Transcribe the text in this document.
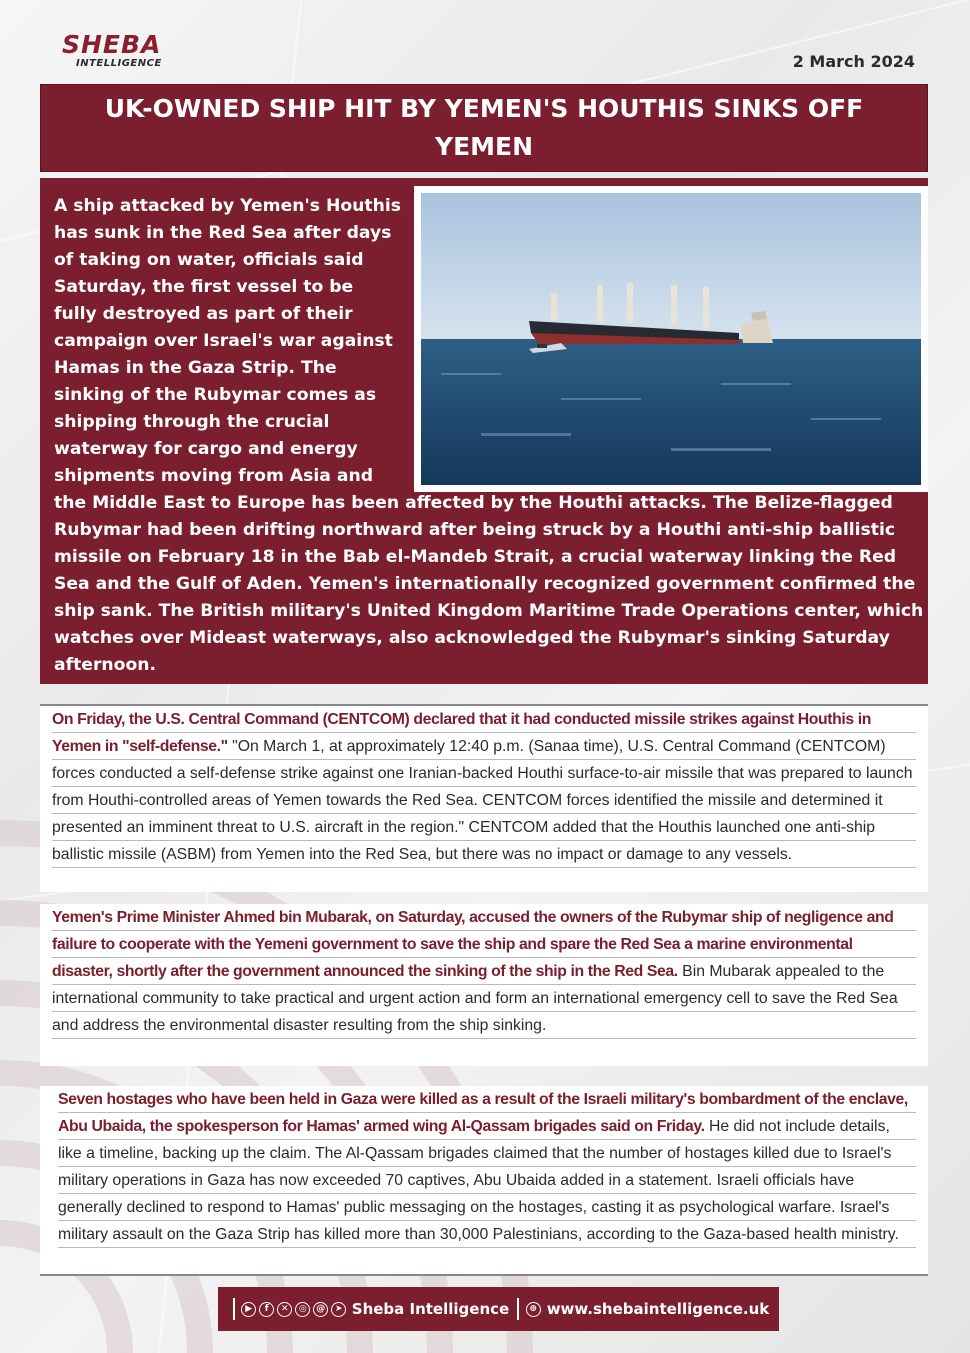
SHEBA
INTELLIGENCE	2 March 2024
UK-OWNED SHIP HIT BY YEMEN'S HOUTHIS SINKS OFF YEMEN
A ship attacked by Yemen's Houthis has sunk in the Red Sea after days of taking on water, officials said Saturday, the first vessel to be fully destroyed as part of their campaign over Israel's war against Hamas in the Gaza Strip. The sinking of the Rubymar comes as shipping through the crucial waterway for cargo and energy shipments moving from Asia and the Middle East to Europe has been affected by the Houthi attacks. The Belize-flagged Rubymar had been drifting northward after being struck by a Houthi anti-ship ballistic missile on February 18 in the Bab el-Mandeb Strait, a crucial waterway linking the Red Sea and the Gulf of Aden. Yemen's internationally recognized government confirmed the ship sank. The British military's United Kingdom Maritime Trade Operations center, which watches over Mideast waterways, also acknowledged the Rubymar's sinking Saturday afternoon.

On Friday, the U.S. Central Command (CENTCOM) declared that it had conducted missile strikes against Houthis in Yemen in "self-defense." "On March 1, at approximately 12:40 p.m. (Sanaa time), U.S. Central Command (CENTCOM) forces conducted a self-defense strike against one Iranian-backed Houthi surface-to-air missile that was prepared to launch from Houthi-controlled areas of Yemen towards the Red Sea. CENTCOM forces identified the missile and determined it presented an imminent threat to U.S. aircraft in the region." CENTCOM added that the Houthis launched one anti-ship ballistic missile (ASBM) from Yemen into the Red Sea, but there was no impact or damage to any vessels.

Yemen's Prime Minister Ahmed bin Mubarak, on Saturday, accused the owners of the Rubymar ship of negligence and failure to cooperate with the Yemeni government to save the ship and spare the Red Sea a marine environmental disaster, shortly after the government announced the sinking of the ship in the Red Sea. Bin Mubarak appealed to the international community to take practical and urgent action and form an international emergency cell to save the Red Sea and address the environmental disaster resulting from the ship sinking.

Seven hostages who have been held in Gaza were killed as a result of the Israeli military's bombardment of the enclave, Abu Ubaida, the spokesperson for Hamas' armed wing Al-Qassam brigades said on Friday. He did not include details, like a timeline, backing up the claim. The Al-Qassam brigades claimed that the number of hostages killed due to Israel's military operations in Gaza has now exceeded 70 captives, Abu Ubaida added in a statement. Israeli officials have generally declined to respond to Hamas' public messaging on the hostages, casting it as psychological warfare. Israel's military assault on the Gaza Strip has killed more than 30,000 Palestinians, according to the Gaza-based health ministry.

▶	f	✕	◎	@	➤ Sheba Intelligence	⊕ www.shebaintelligence.uk
